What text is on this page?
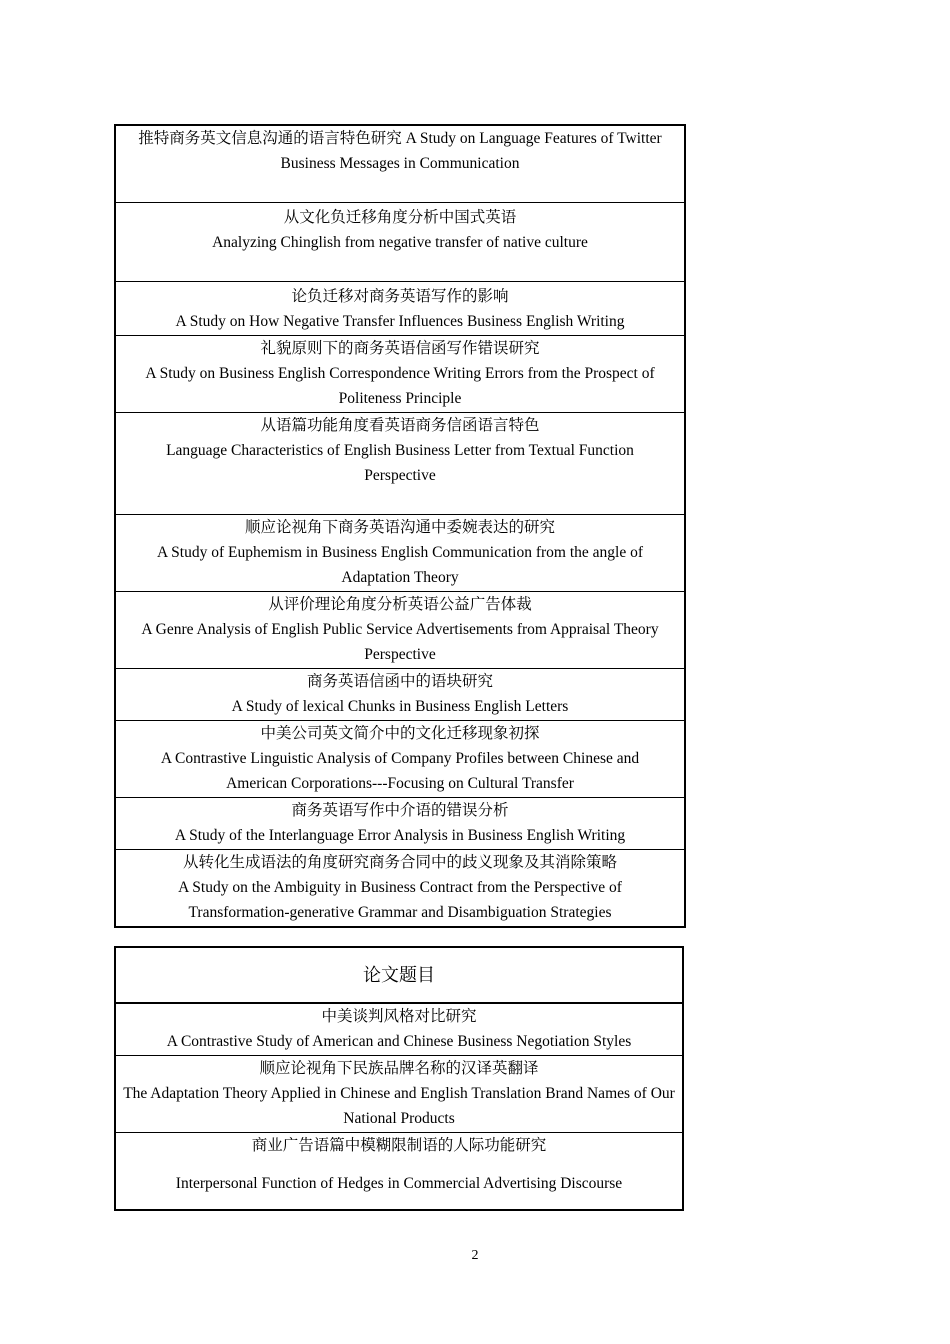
推特商务英文信息沟通的语言特色研究 A Study on Language Features of Twitter Business Messages in Communication

从文化负迁移角度分析中国式英语
Analyzing Chinglish from negative transfer of native culture

论负迁移对商务英语写作的影响
A Study on How Negative Transfer Influences Business English Writing

礼貌原则下的商务英语信函写作错误研究
A Study on Business English Correspondence Writing Errors from the Prospect of Politeness Principle

从语篇功能角度看英语商务信函语言特色
Language Characteristics of English Business Letter from Textual Function Perspective

顺应论视角下商务英语沟通中委婉表达的研究
A Study of Euphemism in Business English Communication from the angle of Adaptation Theory

从评价理论角度分析英语公益广告体裁
A Genre Analysis of English Public Service Advertisements from Appraisal Theory Perspective

商务英语信函中的语块研究
A Study of lexical Chunks in Business English Letters

中美公司英文简介中的文化迁移现象初探
A Contrastive Linguistic Analysis of Company Profiles between Chinese and American Corporations---Focusing on Cultural Transfer

商务英语写作中介语的错误分析
A Study of the Interlanguage Error Analysis in Business English Writing

从转化生成语法的角度研究商务合同中的歧义现象及其消除策略
A Study on the Ambiguity in Business Contract from the Perspective of Transformation-generative Grammar and Disambiguation Strategies
论文题目

中美谈判风格对比研究
A Contrastive Study of American and Chinese Business Negotiation Styles

顺应论视角下民族品牌名称的汉译英翻译
The Adaptation Theory Applied in Chinese and English Translation Brand Names of Our National Products

商业广告语篇中模糊限制语的人际功能研究
Interpersonal Function of Hedges in Commercial Advertising Discourse
2
